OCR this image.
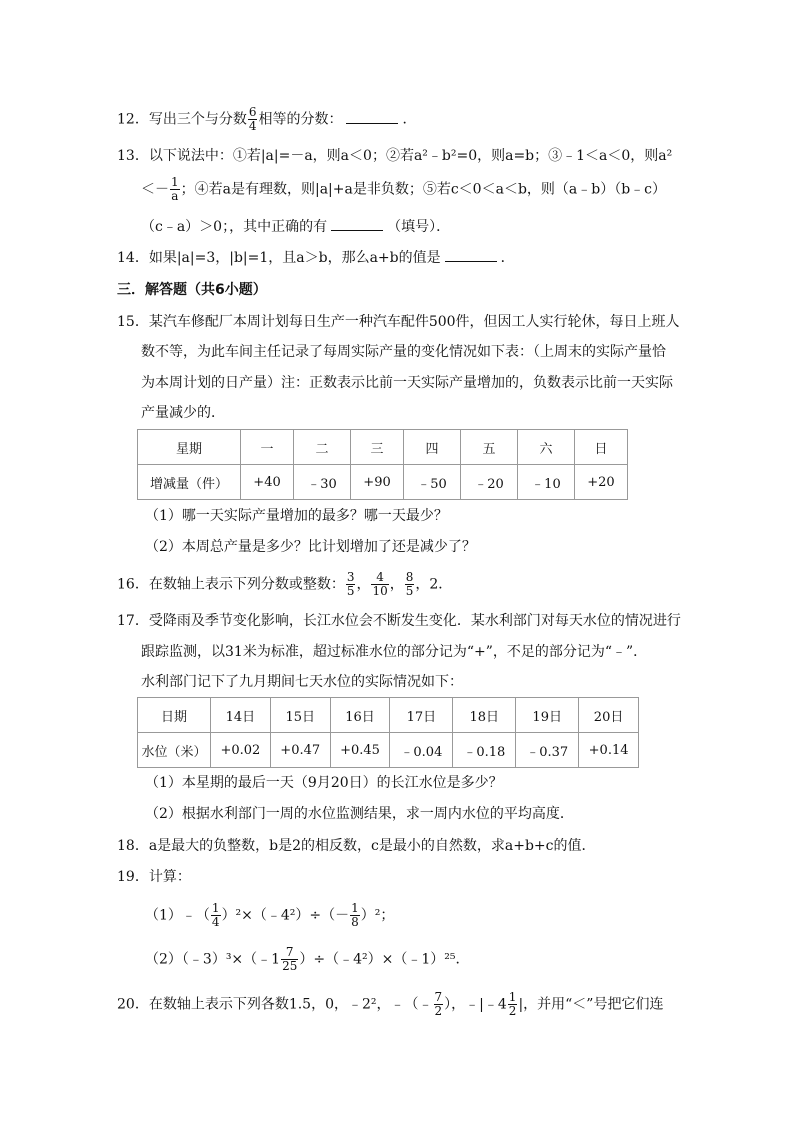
12．写出三个与分数 $\frac{6}{4}$ 相等的分数：	．
13．以下说法中：①若|a|=－a，则a＜0；②若a²﹣b²=0，则a=b；③﹣1＜a＜0，则a²
＜－ $\frac{1}{a}$ ；④若a是有理数，则|a|+a是非负数；⑤若c＜0＜a＜b，则（a﹣b）（b﹣c）
（c﹣a）＞0；，其中正确的有	（填号）．
14．如果|a|=3，|b|=1，且a＞b，那么a+b的值是	．
三．解答题（共6小题）
15．某汽车修配厂本周计划每日生产一种汽车配件500件，但因工人实行轮休，每日上班人
数不等，为此车间主任记录了每周实际产量的变化情况如下表：（上周末的实际产量恰
为本周计划的日产量）注：正数表示比前一天实际产量增加的，负数表示比前一天实际
产量减少的．
星期	一	二	三	四	五	六	日
增减量（件）	+40	﹣30	+90	﹣50	﹣20	﹣10	+20
（1）哪一天实际产量增加的最多？哪一天最少？
（2）本周总产量是多少？比计划增加了还是减少了？
16．在数轴上表示下列分数或整数： $\frac{3}{5}$ ， $\frac{4}{10}$ ， $\frac{8}{5}$ ，2．
17．受降雨及季节变化影响，长江水位会不断发生变化．某水利部门对每天水位的情况进行
跟踪监测，以31米为标准，超过标准水位的部分记为“+”，不足的部分记为“﹣”．
水利部门记下了九月期间七天水位的实际情况如下：
日期	14日	15日	16日	17日	18日	19日	20日
水位（米）	+0.02	+0.47	+0.45	﹣0.04	﹣0.18	﹣0.37	+0.14
（1）本星期的最后一天（9月20日）的长江水位是多少？
（2）根据水利部门一周的水位监测结果，求一周内水位的平均高度．
18．a是最大的负整数，b是2的相反数，c是最小的自然数，求a+b+c的值．
19．计算：
（1）﹣（ $\frac{1}{4}$ ）²×（﹣4²）÷（－ $\frac{1}{8} )^2$；
（2）（﹣3）³×（﹣1 $\frac{7}{25}$ ）÷（﹣4²）×（﹣1）²⁵．
20．在数轴上表示下列各数1.5，0，﹣2²，﹣（﹣ $\frac{7}{2}$ ），﹣|﹣4 $\frac{1}{2}$ |，并用“＜”号把它们连
